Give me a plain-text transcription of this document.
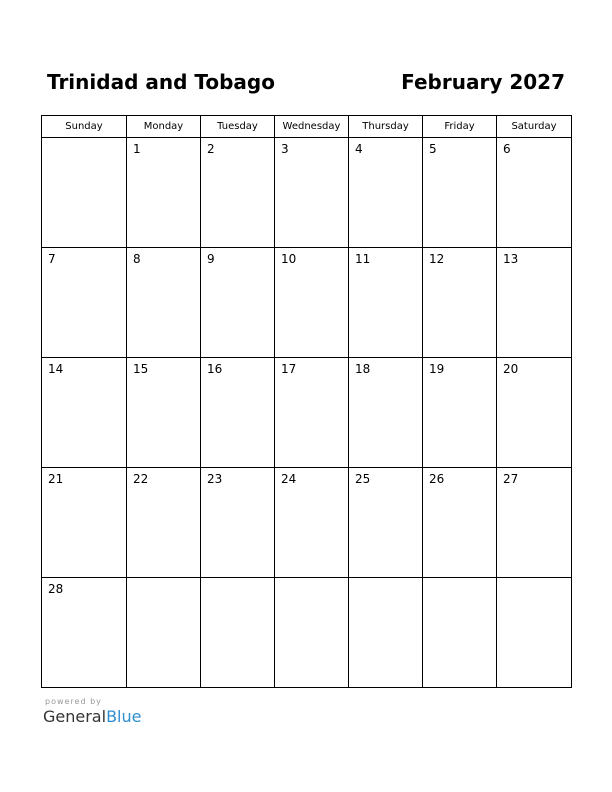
Trinidad and Tobago	February 2027
Sunday	Monday	Tuesday	Wednesday	Thursday	Friday	Saturday

	1	2	3	4	5	6

7	8	9	10	11	12	13

14	15	16	17	18	19	20

21	22	23	24	25	26	27

28						

powered by
GeneralBlue
